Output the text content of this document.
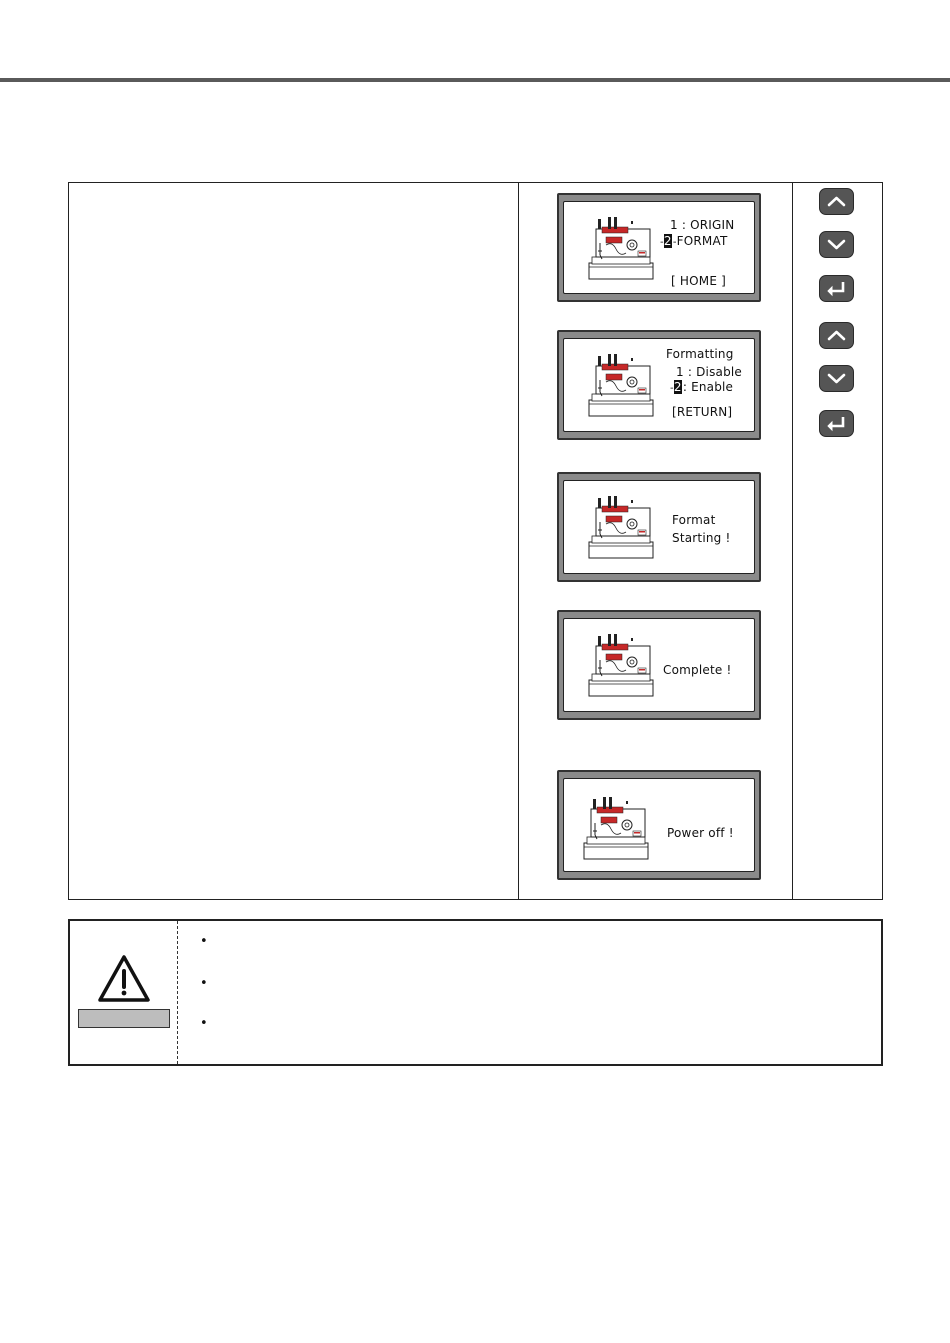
1 : ORIGIN
-2-FORMAT
[ HOME ]
Formatting
1 : Disable
-2: Enable
[RETURN]
Format
Starting !
Complete !
Power off !
•
•
•
